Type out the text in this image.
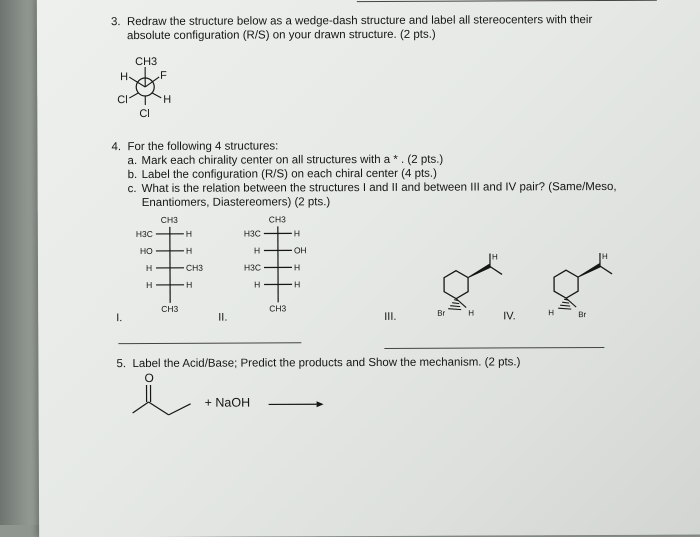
3. Redraw the structure below as a wedge-dash structure and label all stereocenters with their
absolute configuration (R/S) on your drawn structure. (2 pts.)
CH3
H	F
Cl	H
Cl
4. For the following 4 structures:
a. Mark each chirality center on all structures with a * . (2 pts.)
b. Label the configuration (R/S) on each chiral center (4 pts.)
c. What is the relation between the structures I and II and between III and IV pair? (Same/Meso,
Enantiomers, Diastereomers) (2 pts.)
CH3
H3C	H
HO	H
H	CH3
H	H
CH3
I.
CH3
H3C	H
H	OH
H3C	H
H	H
CH3
II.
H
Br	H
III.
H
H	Br
IV.
5. Label the Acid/Base; Predict the products and Show the mechanism. (2 pts.)
O
+ NaOH →
